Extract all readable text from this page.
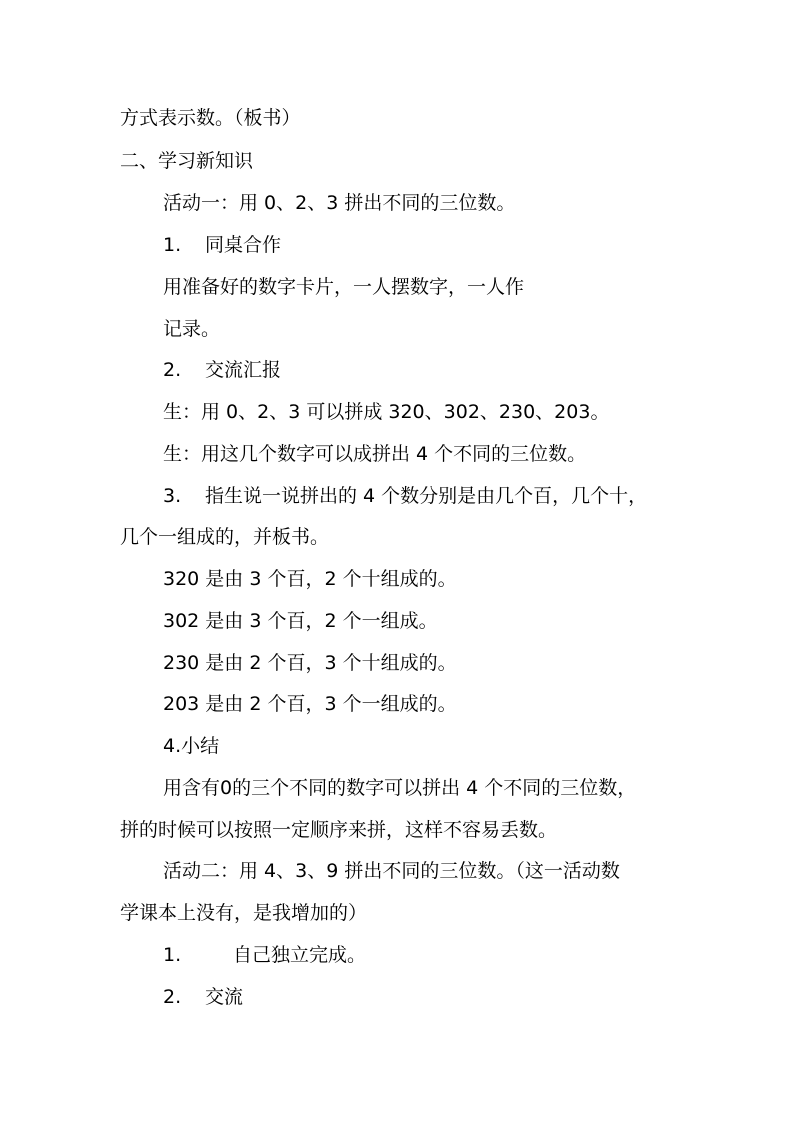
方式表示数。（板书）
二、学习新知识
活动一：用 0、2、3 拼出不同的三位数。
1. 同桌合作
用准备好的数字卡片，一人摆数字，一人作
记录。
2. 交流汇报
生：用 0、2、3 可以拼成 320、302、230、203。
生：用这几个数字可以成拼出 4 个不同的三位数。
3. 指生说一说拼出的 4 个数分别是由几个百，几个十，
几个一组成的，并板书。
320 是由 3 个百，2 个十组成的。
302 是由 3 个百，2 个一组成。
230 是由 2 个百，3 个十组成的。
203 是由 2 个百，3 个一组成的。
4.小结
用含有0的三个不同的数字可以拼出 4 个不同的三位数，
拼的时候可以按照一定顺序来拼，这样不容易丢数。
活动二：用 4、3、9 拼出不同的三位数。（这一活动数
学课本上没有，是我增加的）
1.	自己独立完成。
2. 交流
